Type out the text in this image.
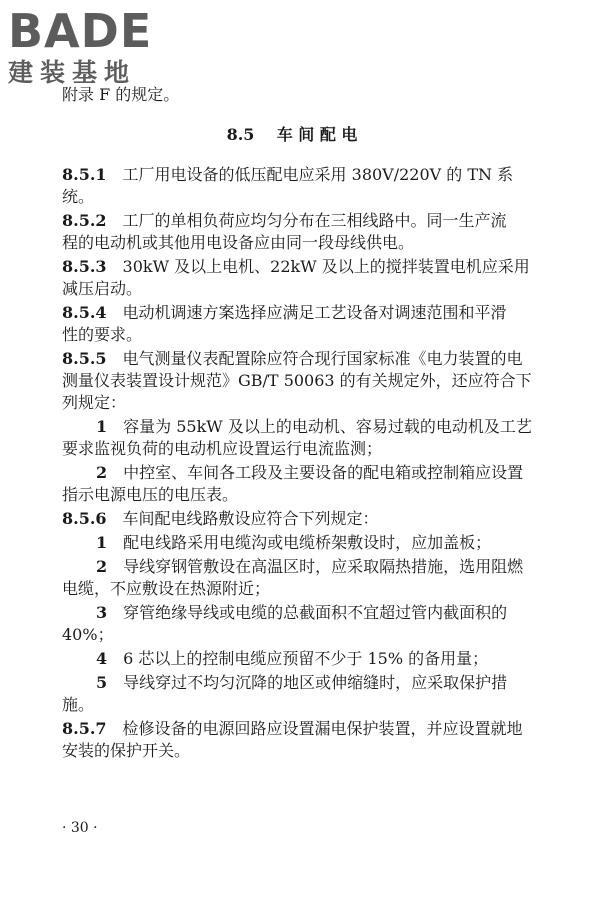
BADE
建装基地
附录 F 的规定。
8.5 车 间 配 电
8.5.1   工厂用电设备的低压配电应采用 380V/220V 的 TN 系
统。
8.5.2   工厂的单相负荷应均匀分布在三相线路中。同一生产流
程的电动机或其他用电设备应由同一段母线供电。
8.5.3   30kW 及以上电机、22kW 及以上的搅拌装置电机应采用
减压启动。
8.5.4   电动机调速方案选择应满足工艺设备对调速范围和平滑
性的要求。
8.5.5   电气测量仪表配置除应符合现行国家标准《电力装置的电
测量仪表装置设计规范》GB/T 50063 的有关规定外，还应符合下
列规定：
1   容量为 55kW 及以上的电动机、容易过载的电动机及工艺
要求监视负荷的电动机应设置运行电流监测；
2   中控室、车间各工段及主要设备的配电箱或控制箱应设置
指示电源电压的电压表。
8.5.6   车间配电线路敷设应符合下列规定：
1   配电线路采用电缆沟或电缆桥架敷设时，应加盖板；
2   导线穿钢管敷设在高温区时，应采取隔热措施，选用阻燃
电缆，不应敷设在热源附近；
3   穿管绝缘导线或电缆的总截面积不宜超过管内截面积的
40%；
4   6 芯以上的控制电缆应预留不少于 15% 的备用量；
5   导线穿过不均匀沉降的地区或伸缩缝时，应采取保护措
施。
8.5.7   检修设备的电源回路应设置漏电保护装置，并应设置就地
安装的保护开关。
· 30 ·
